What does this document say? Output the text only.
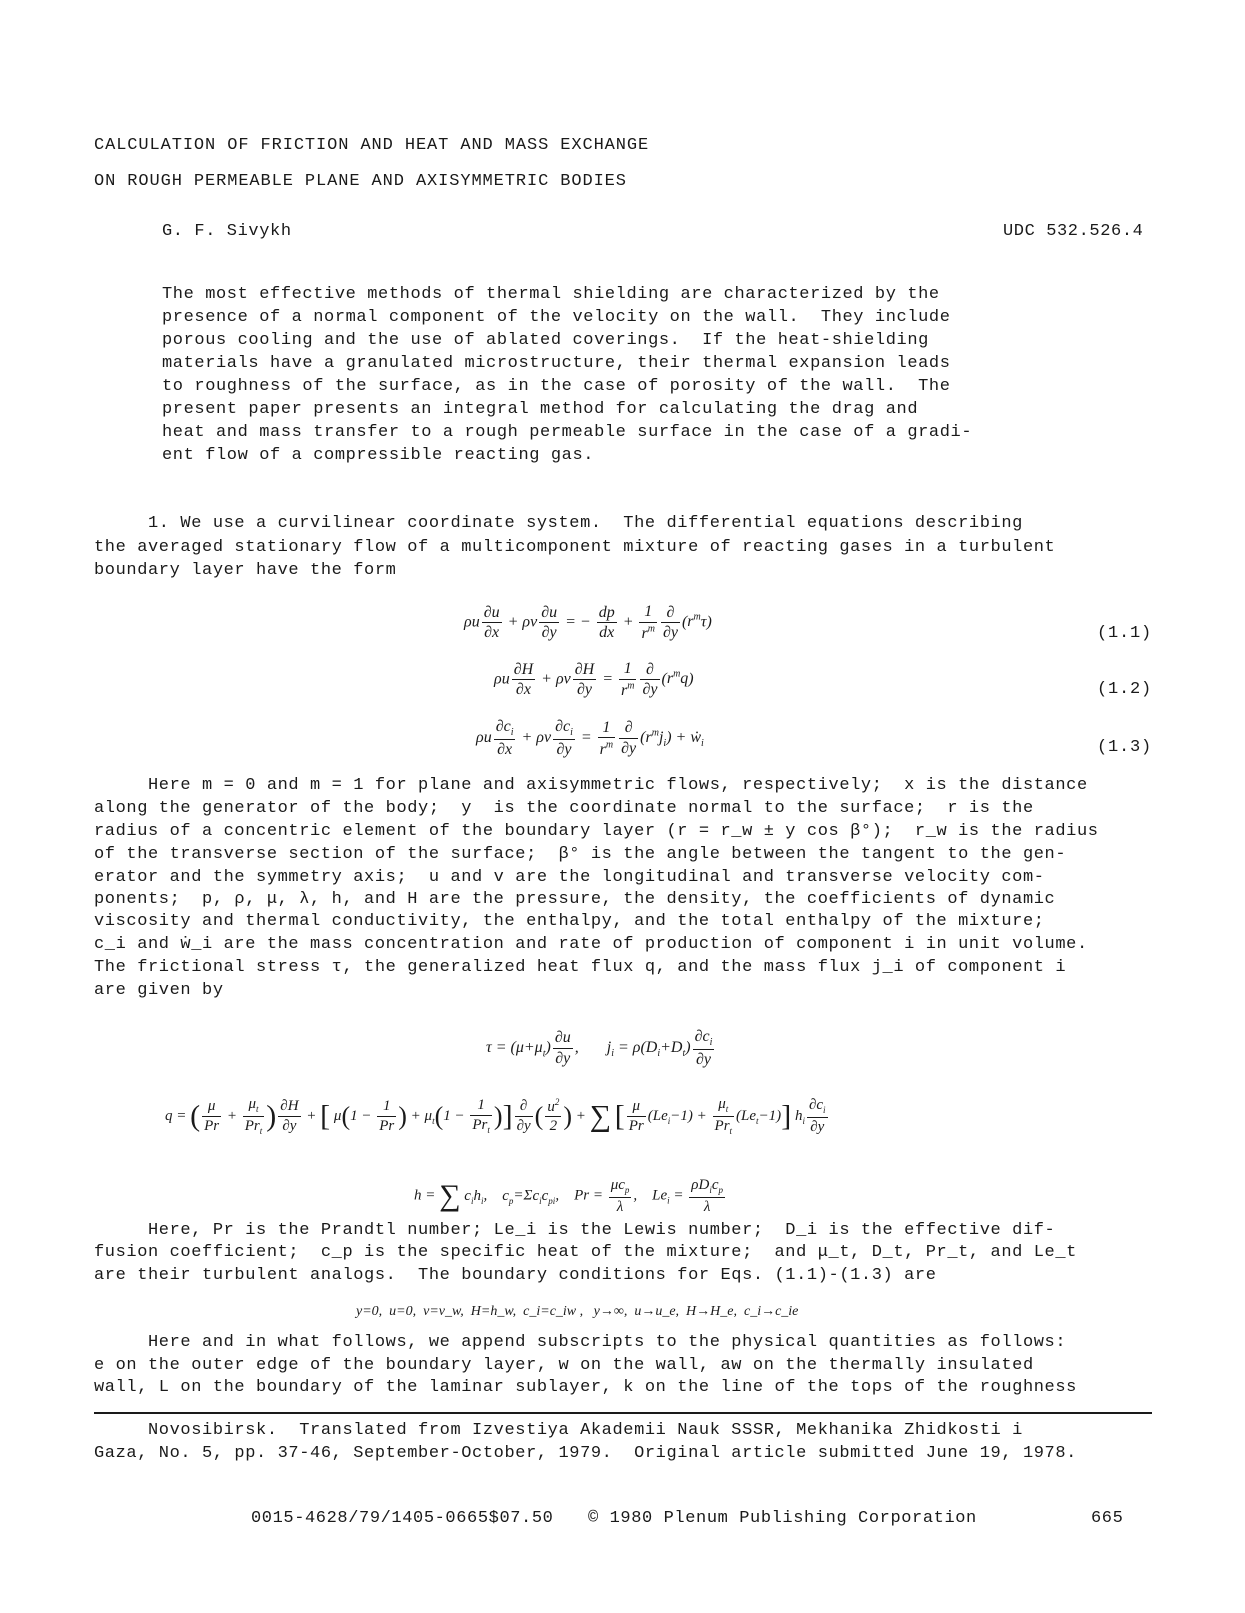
CALCULATION OF FRICTION AND HEAT AND MASS EXCHANGE
ON ROUGH PERMEABLE PLANE AND AXISYMMETRIC BODIES
G. F. Sivykh	UDC 532.526.4
The most effective methods of thermal shielding are characterized by the
presence of a normal component of the velocity on the wall.  They include
porous cooling and the use of ablated coverings.  If the heat-shielding
materials have a granulated microstructure, their thermal expansion leads
to roughness of the surface, as in the case of porosity of the wall.  The
present paper presents an integral method for calculating the drag and
heat and mass transfer to a rough permeable surface in the case of a gradi-
ent flow of a compressible reacting gas.
1. We use a curvilinear coordinate system.  The differential equations describing
the averaged stationary flow of a multicomponent mixture of reacting gases in a turbulent
boundary layer have the form
ρu $\frac{\partial u}{\partial x} + \rho v \frac{\partial u}{\partial y}$ = − $\frac{dp}{dx} + \frac{1}{r^m} \frac{\partial}{\partial y} (r^m\tau)$
(1.1)
ρu $\frac{\partial H}{\partial x} + \rho v \frac{\partial H}{\partial y} = \frac{1}{r^m} \frac{\partial}{\partial y} (r^mq)$
(1.2)
ρu $\frac{\partial c_i}{\partial x} + \rho v \frac{\partial c_i}{\partial y} = \frac{1}{r^m} \frac{\partial}{\partial y} (r^mj_i)$ + ẇ$_i$	(1.3)
Here m = 0 and m = 1 for plane and axisymmetric flows, respectively;  x is the distance
along the generator of the body;  y  is the coordinate normal to the surface;  r is the
radius of a concentric element of the boundary layer (r = r_w ± y cos β°);  r_w is the radius
of the transverse section of the surface;  β° is the angle between the tangent to the gen-
erator and the symmetry axis;  u and v are the longitudinal and transverse velocity com-
ponents;  p, ρ, μ, λ, h, and H are the pressure, the density, the coefficients of dynamic
viscosity and thermal conductivity, the enthalpy, and the total enthalpy of the mixture;
c_i and ẇ_i are the mass concentration and rate of production of component i in unit volume.
The frictional stress τ, the generalized heat flux q, and the mass flux j_i of component i
are given by
$\tau = (\mu+\mu_t) \frac{\partial u}{\partial y}$ ,       $j_i = \rho(D_i+D_t) \frac{\partial c_i}{\partial y}$
q = ( $\frac{\mu}{Pr} + \frac{\mu_t}{Pr_t}$ ) $\frac{\partial H}{\partial y}$ + [ $\mu(1 - \frac{1}{Pr}$ ) + $\mu_t(1 - \frac{1}{Pr_t}$ )] $\frac{\partial}{\partial y}$ ( $\frac{u^2}{2}$ ) + ∑ [ $\frac{\mu}{Pr} (Le_i-1) + \frac{\mu_t}{Pr_t} (Le_t-1)$] $h_i \frac{\partial c_i}{\partial y}$
h = ∑ $c_ih_i$,    $c_p=\Sigma c_ic_{pi}$,    $Pr = \frac{\mu c_p}{\lambda}$ ,    $Le_i = \frac{\rho D_ic_p}{\lambda}$
Here, Pr is the Prandtl number; Le_i is the Lewis number;  D_i is the effective dif-
fusion coefficient;  c_p is the specific heat of the mixture;  and μ_t, D_t, Pr_t, and Le_t
are their turbulent analogs.  The boundary conditions for Eqs. (1.1)-(1.3) are
y=0,  u=0,  v=v_w,  H=h_w,  c_i=c_iw ,   y→∞,  u→u_e,  H→H_e,  c_i→c_ie
Here and in what follows, we append subscripts to the physical quantities as follows:
e on the outer edge of the boundary layer, w on the wall, aw on the thermally insulated
wall, L on the boundary of the laminar sublayer, k on the line of the tops of the roughness
Novosibirsk.  Translated from Izvestiya Akademii Nauk SSSR, Mekhanika Zhidkosti i
Gaza, No. 5, pp. 37-46, September-October, 1979.  Original article submitted June 19, 1978.
0015-4628/79/1405-0665$07.50 © 1980 Plenum Publishing Corporation	665
